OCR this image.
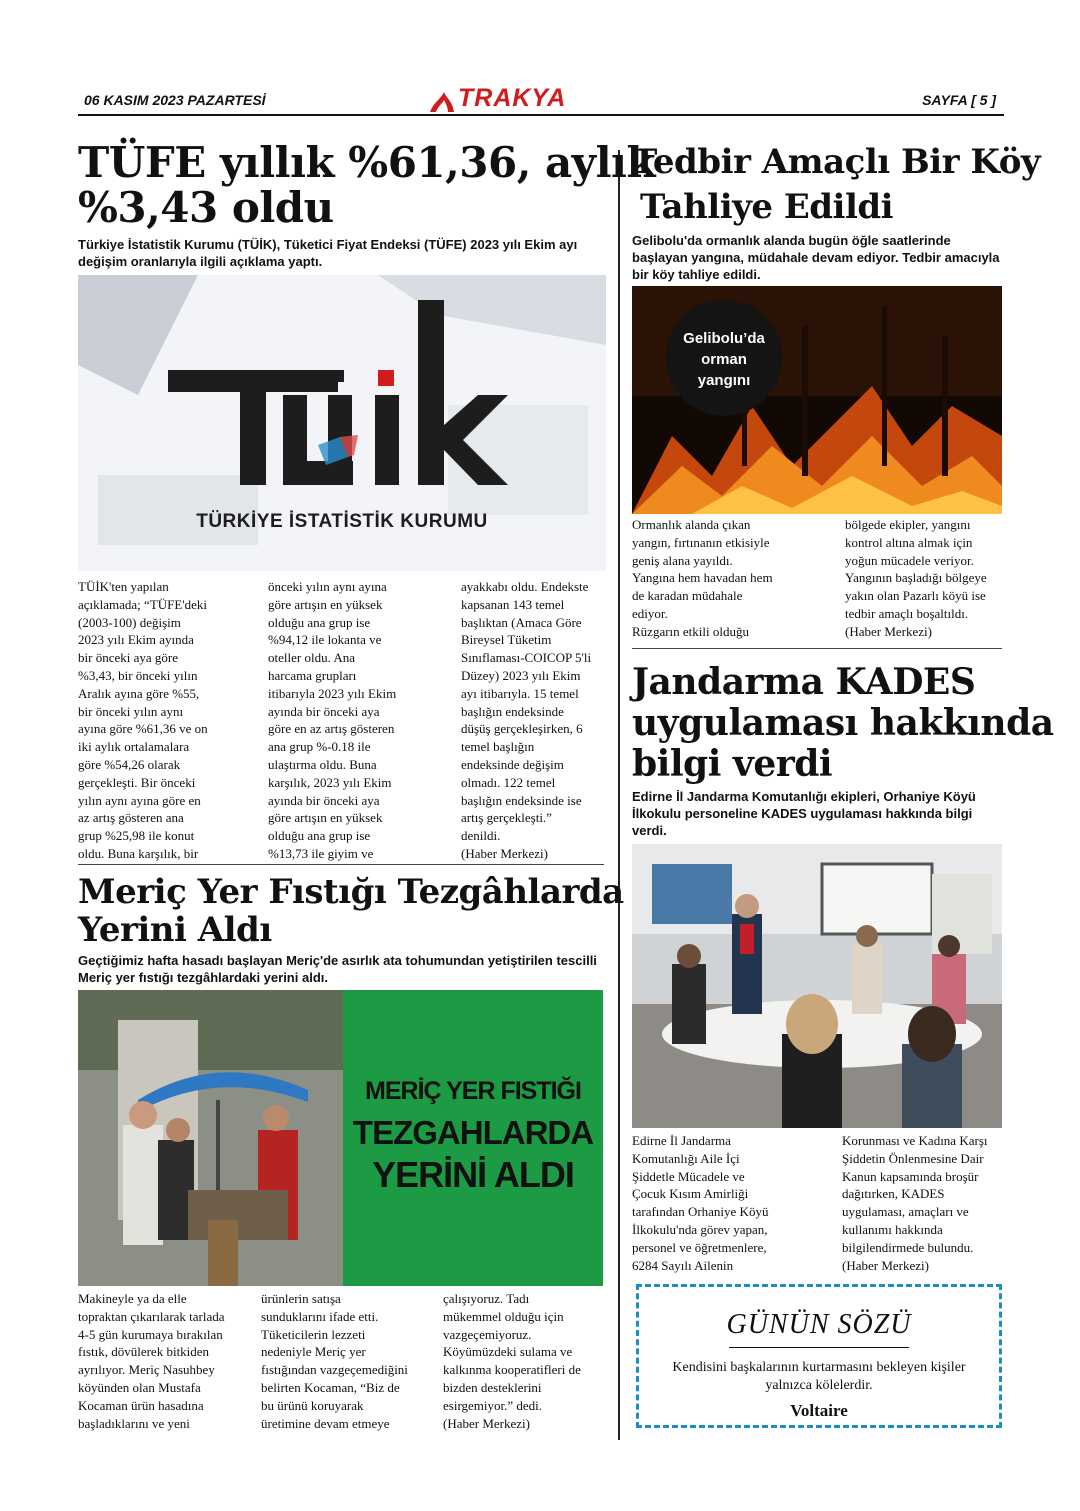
06 KASIM 2023 PAZARTESİ	TRAKYA	SAYFA [ 5 ]
TÜFE yıllık %61,36, aylık
%3,43 oldu
Türkiye İstatistik Kurumu (TÜİK), Tüketici Fiyat Endeksi (TÜFE) 2023 yılı Ekim ayı
değişim oranlarıyla ilgili açıklama yaptı.
TÜRKİYE İSTATİSTİK KURUMU
TÜİK'ten yapılan
açıklamada; “TÜFE'deki
(2003-100) değişim
2023 yılı Ekim ayında
bir önceki aya göre
%3,43, bir önceki yılın
Aralık ayına göre %55,
bir önceki yılın aynı
ayına göre %61,36 ve on
iki aylık ortalamalara
göre %54,26 olarak
gerçekleşti. Bir önceki
yılın aynı ayına göre en
az artış gösteren ana
grup %25,98 ile konut
oldu. Buna karşılık, bir
önceki yılın aynı ayına
göre artışın en yüksek
olduğu ana grup ise
%94,12 ile lokanta ve
oteller oldu. Ana
harcama grupları
itibarıyla 2023 yılı Ekim
ayında bir önceki aya
göre en az artış gösteren
ana grup %-0.18 ile
ulaştırma oldu. Buna
karşılık, 2023 yılı Ekim
ayında bir önceki aya
göre artışın en yüksek
olduğu ana grup ise
%13,73 ile giyim ve
ayakkabı oldu. Endekste
kapsanan 143 temel
başlıktan (Amaca Göre
Bireysel Tüketim
Sınıflaması-COICOP 5'li
Düzey) 2023 yılı Ekim
ayı itibarıyla. 15 temel
başlığın endeksinde
düşüş gerçekleşirken, 6
temel başlığın
endeksinde değişim
olmadı. 122 temel
başlığın endeksinde ise
artış gerçekleşti.”
denildi.
(Haber Merkezi)
Meriç Yer Fıstığı Tezgâhlarda
Yerini Aldı
Geçtiğimiz hafta hasadı başlayan Meriç'de asırlık ata tohumundan yetiştirilen tescilli
Meriç yer fıstığı tezgâhlardaki yerini aldı.
MERİÇ YER FISTIĞI
TEZGAHLARDA
YERİNİ ALDI
Makineyle ya da elle
topraktan çıkarılarak tarlada
4-5 gün kurumaya bırakılan
fıstık, dövülerek bitkiden
ayrılıyor. Meriç Nasuhbey
köyünden olan Mustafa
Kocaman ürün hasadına
başladıklarını ve yeni
ürünlerin satışa
sunduklarını ifade etti.
Tüketicilerin lezzeti
nedeniyle Meriç yer
fıstığından vazgeçemediğini
belirten Kocaman, “Biz de
bu ürünü koruyarak
üretimine devam etmeye
çalışıyoruz. Tadı
mükemmel olduğu için
vazgeçemiyoruz.
Köyümüzdeki sulama ve
kalkınma kooperatifleri de
bizden desteklerini
esirgemiyor.” dedi.
(Haber Merkezi)
Tedbir Amaçlı Bir Köy
Tahliye Edildi
Gelibolu'da ormanlık alanda bugün öğle saatlerinde
başlayan yangına, müdahale devam ediyor. Tedbir amacıyla
bir köy tahliye edildi.
Gelibolu’da
orman
yangını
Ormanlık alanda çıkan
yangın, fırtınanın etkisiyle
geniş alana yayıldı.
Yangına hem havadan hem
de karadan müdahale
ediyor.
Rüzgarın etkili olduğu
bölgede ekipler, yangını
kontrol altına almak için
yoğun mücadele veriyor.
Yangının başladığı bölgeye
yakın olan Pazarlı köyü ise
tedbir amaçlı boşaltıldı.
(Haber Merkezi)
Jandarma KADES
uygulaması hakkında
bilgi verdi
Edirne İl Jandarma Komutanlığı ekipleri, Orhaniye Köyü
İlkokulu personeline KADES uygulaması hakkında bilgi
verdi.
Edirne İl Jandarma
Komutanlığı Aile İçi
Şiddetle Mücadele ve
Çocuk Kısım Amirliği
tarafından Orhaniye Köyü
İlkokulu'nda görev yapan,
personel ve öğretmenlere,
6284 Sayılı Ailenin
Korunması ve Kadına Karşı
Şiddetin Önlenmesine Dair
Kanun kapsamında broşür
dağıtırken, KADES
uygulaması, amaçları ve
kullanımı hakkında
bilgilendirmede bulundu.
(Haber Merkezi)
GÜNÜN SÖZÜ
Kendisini başkalarının kurtarmasını bekleyen kişiler
yalnızca kölelerdir.
Voltaire
